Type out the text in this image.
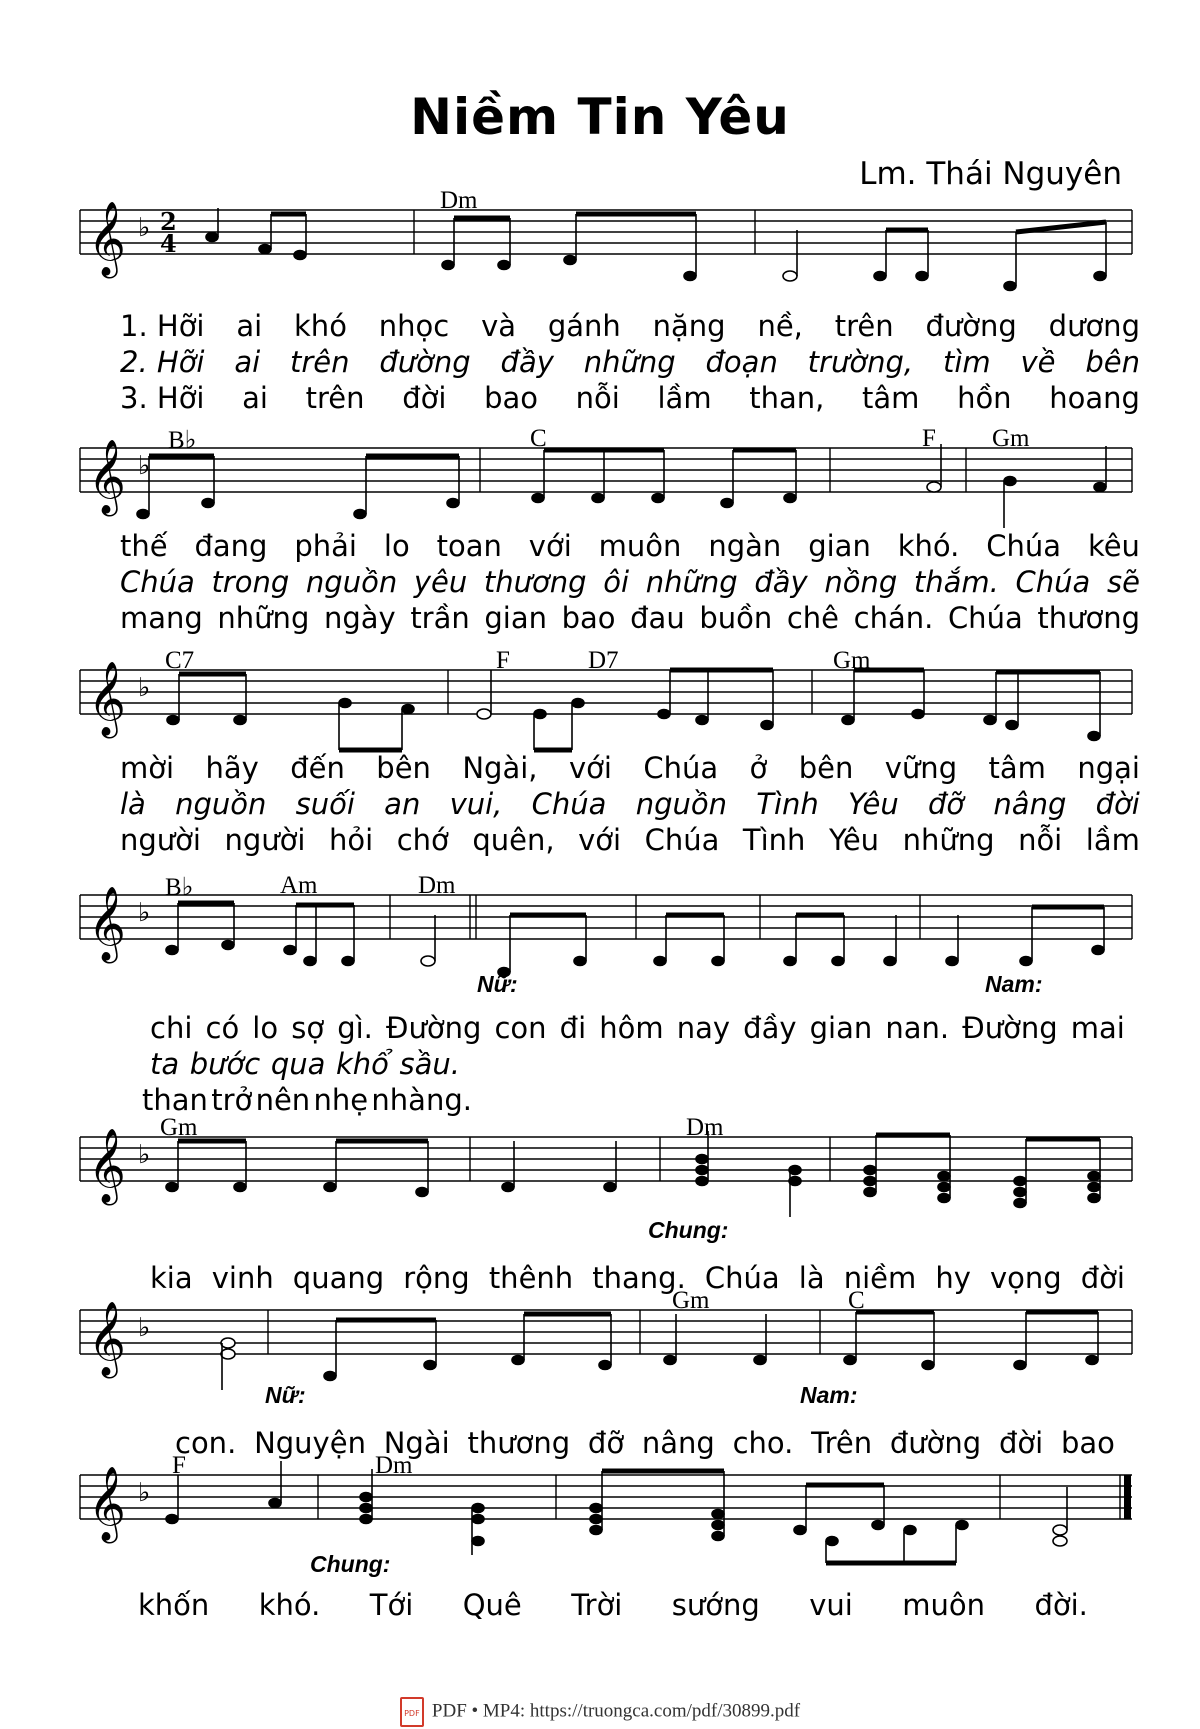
Niềm Tin Yêu
Lm. Thái Nguyên
𝄞 ♭ 2
4
Dm
1. Hỡi ai khó nhọc và gánh nặng nề, trên đường dương
2. Hỡi ai trên đường đầy những đoạn trường, tìm về bên
3. Hỡi ai trên đời bao nỗi lầm than, tâm hồn hoang
𝄞 ♭
B♭	C	F Gm
thế đang phải lo toan với muôn ngàn gian khó. Chúa kêu
Chúa trong nguồn yêu thương ôi những đầy nồng thắm. Chúa sẽ
mang những ngày trần gian bao đau buồn chê chán. Chúa thương
𝄞 ♭
C7	F	D7	Gm
mời hãy đến bên Ngài, với Chúa ở bên vững tâm ngại
là nguồn suối an vui, Chúa nguồn Tình Yêu đỡ nâng đời
người người hỏi chớ quên, với Chúa Tình Yêu những nỗi lầm
𝄞 ♭
B♭	Am	Dm
Nữ:	Nam:
chi có lo sợ gì. Đường con đi hôm nay đầy gian nan. Đường mai
ta bước qua khổ sầu.
than trở nên nhẹ nhàng.
𝄞 ♭
Gm	Dm
Chung:
kia vinh quang rộng thênh thang. Chúa là niềm hy vọng đời
𝄞 ♭
Gm	C
Nữ:	Nam:
con. Nguyện Ngài thương đỡ nâng cho. Trên đường đời bao
𝄞 ♭
F	Dm
Chung:
khốn khó. Tới Quê Trời sướng vui muôn đời.
PDF PDF • MP4: https://truongca.com/pdf/30899.pdf
